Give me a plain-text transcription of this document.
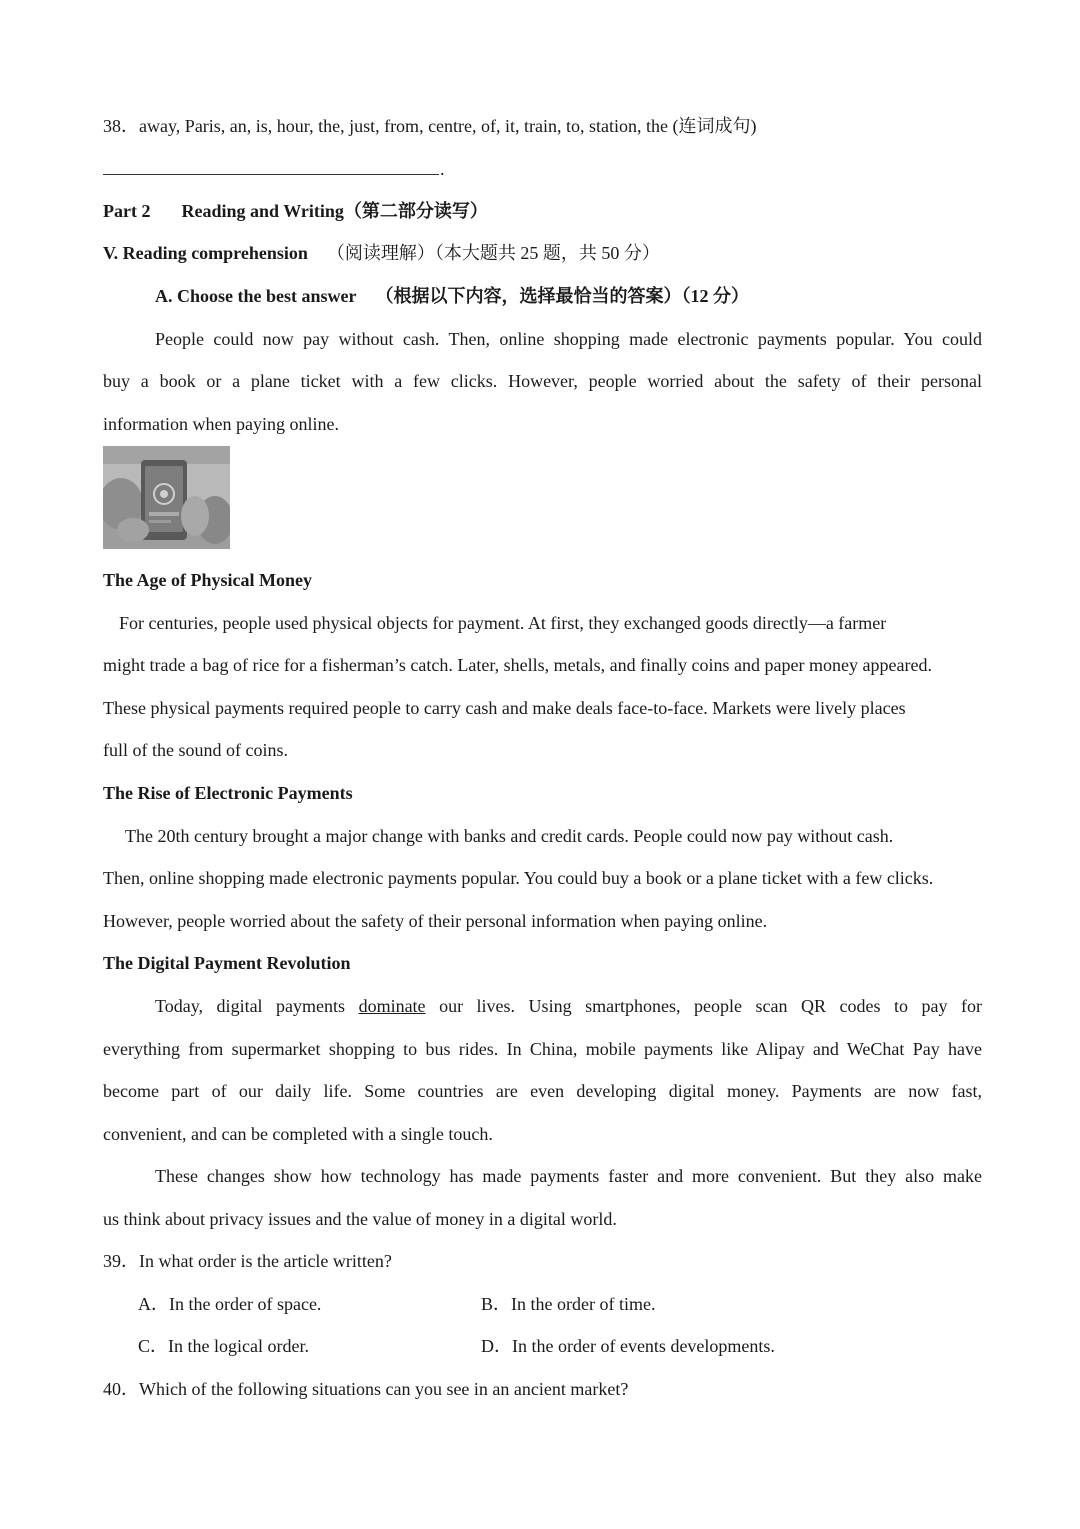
38．away, Paris, an, is, hour, the, just, from, centre, of, it, train, to, station, the (连词成句)
.
Part 2 Reading and Writing（第二部分读写）
V. Reading comprehension （阅读理解）（本大题共 25 题，共 50 分）
A. Choose the best answer （根据以下内容，选择最恰当的答案）（12 分）
People could now pay without cash. Then, online shopping made electronic payments popular. You could
buy a book or a plane ticket with a few clicks. However, people worried about the safety of their personal
information when paying online.
The Age of Physical Money
For centuries, people used physical objects for payment. At first, they exchanged goods directly—a farmer
might trade a bag of rice for a fisherman’s catch. Later, shells, metals, and finally coins and paper money appeared.
These physical payments required people to carry cash and make deals face-to-face. Markets were lively places
full of the sound of coins.
The Rise of Electronic Payments
The 20th century brought a major change with banks and credit cards. People could now pay without cash.
Then, online shopping made electronic payments popular. You could buy a book or a plane ticket with a few clicks.
However, people worried about the safety of their personal information when paying online.
The Digital Payment Revolution
Today, digital payments dominate our lives. Using smartphones, people scan QR codes to pay for
everything from supermarket shopping to bus rides. In China, mobile payments like Alipay and WeChat Pay have
become part of our daily life. Some countries are even developing digital money. Payments are now fast,
convenient, and can be completed with a single touch.
These changes show how technology has made payments faster and more convenient. But they also make
us think about privacy issues and the value of money in a digital world.
39．In what order is the article written?
A．In the order of space.	B．In the order of time.
C．In the logical order.	D．In the order of events developments.
40．Which of the following situations can you see in an ancient market?
